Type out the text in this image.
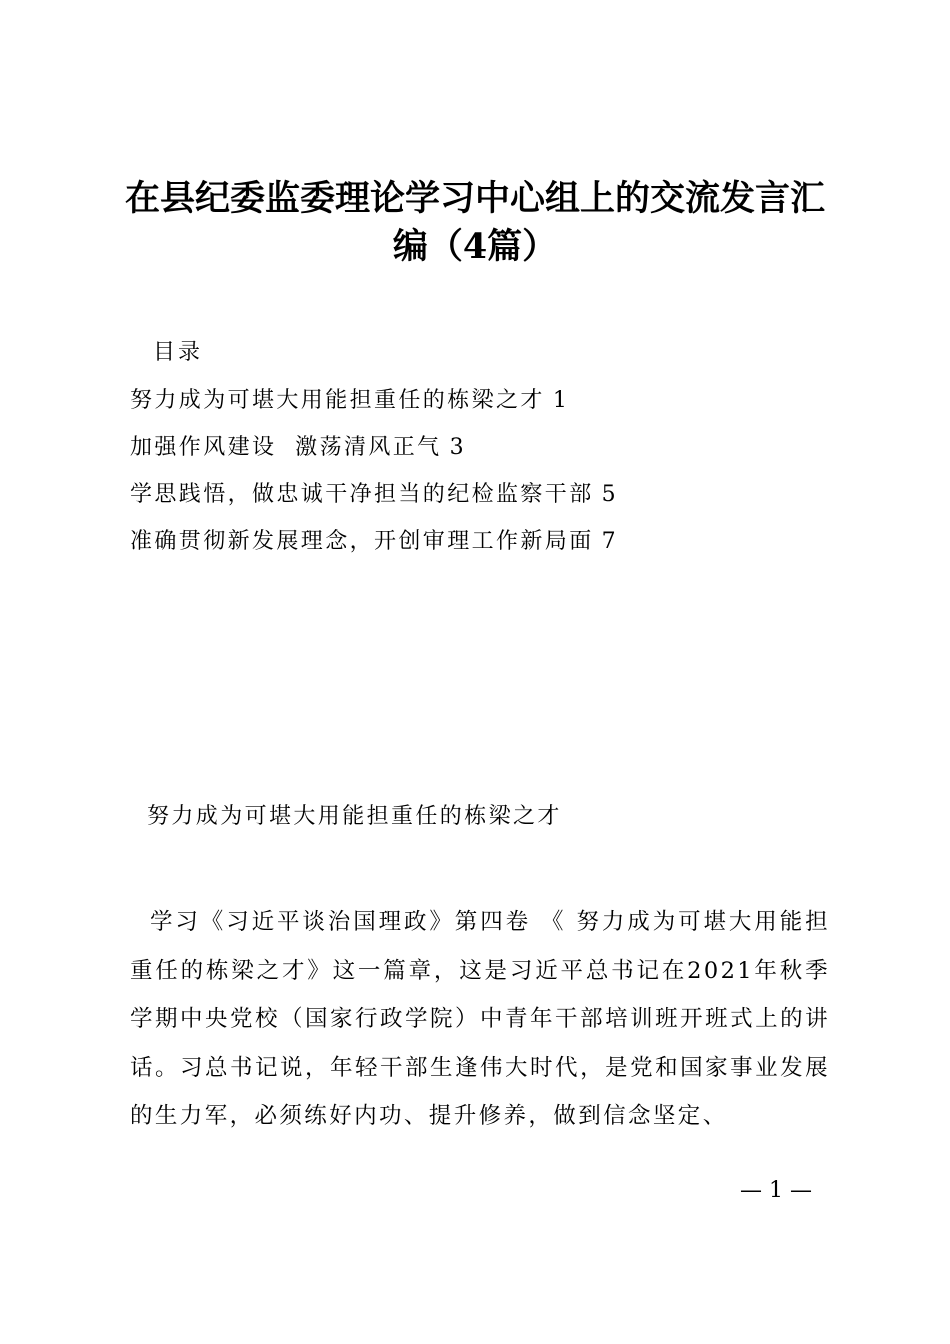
在县纪委监委理论学习中心组上的交流发言汇
编（4篇）
目录
努力成为可堪大用能担重任的栋梁之才 1
加强作风建设  激荡清风正气 3
学思践悟，做忠诚干净担当的纪检监察干部 5
准确贯彻新发展理念，开创审理工作新局面 7
努力成为可堪大用能担重任的栋梁之才

学习《习近平谈治国理政》第四卷 《 努力成为可堪大用能担重任的栋梁之才》这一篇章，这是习近平总书记在2021年秋季学期中央党校（国家行政学院）中青年干部培训班开班式上的讲话。习总书记说，年轻干部生逢伟大时代，是党和国家事业发展的生力军，必须练好内功、提升修养，做到信念坚定、

— 1 —
